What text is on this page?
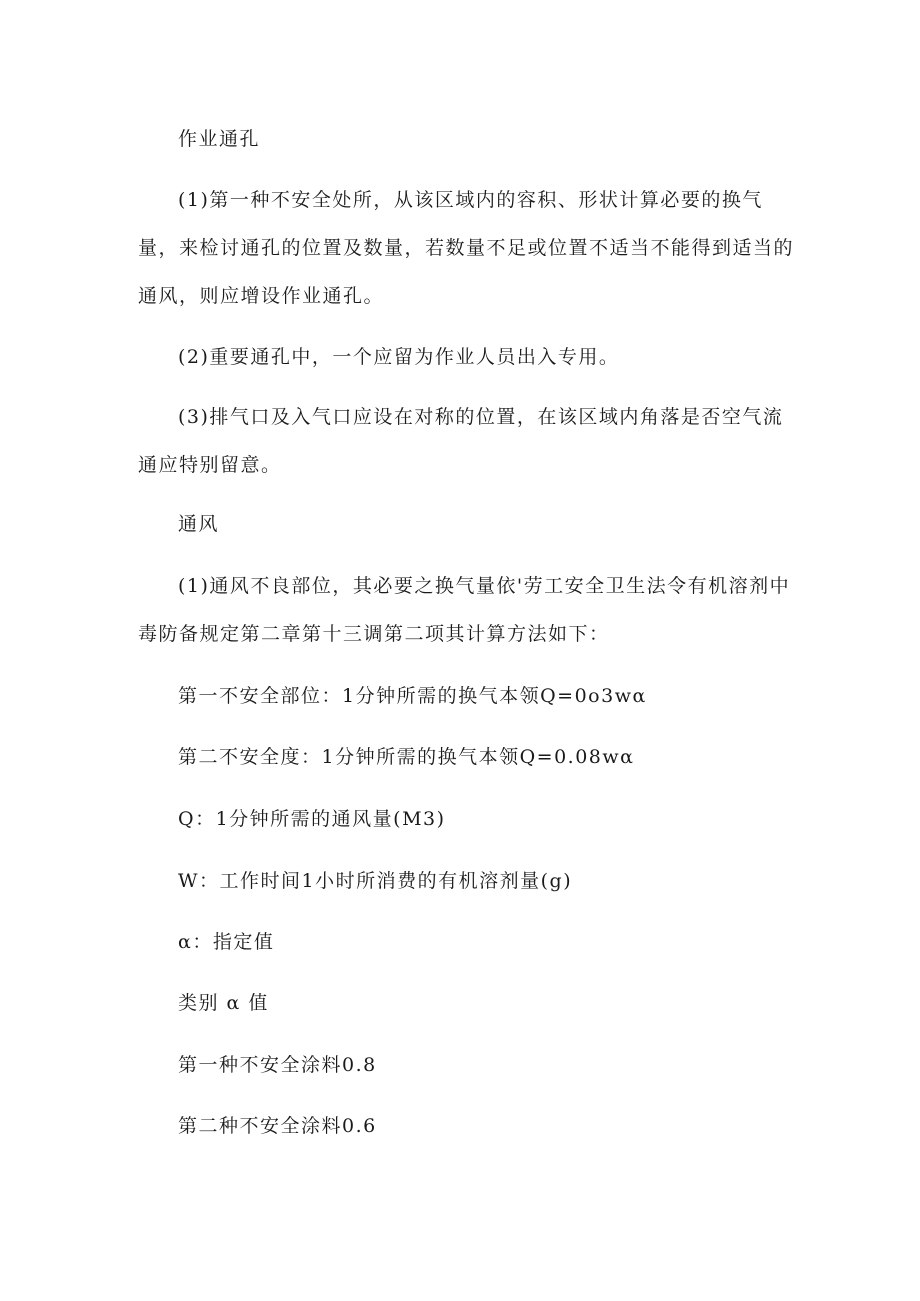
作业通孔

(1)第一种不安全处所，从该区域内的容积、形状计算必要的换气量，来检讨通孔的位置及数量，若数量不足或位置不适当不能得到适当的通风，则应增设作业通孔。

(2)重要通孔中，一个应留为作业人员出入专用。

(3)排气口及入气口应设在对称的位置，在该区域内角落是否空气流通应特别留意。

通风

(1)通风不良部位，其必要之换气量依'劳工安全卫生法令有机溶剂中毒防备规定第二章第十三调第二项其计算方法如下：

第一不安全部位：1分钟所需的换气本领Q=0o3wα

第二不安全度：1分钟所需的换气本领Q=0.08wα

Q：1分钟所需的通风量(M3)

W：工作时间1小时所消费的有机溶剂量(g)

α：指定值

类别 α 值

第一种不安全涂料0.8

第二种不安全涂料0.6
